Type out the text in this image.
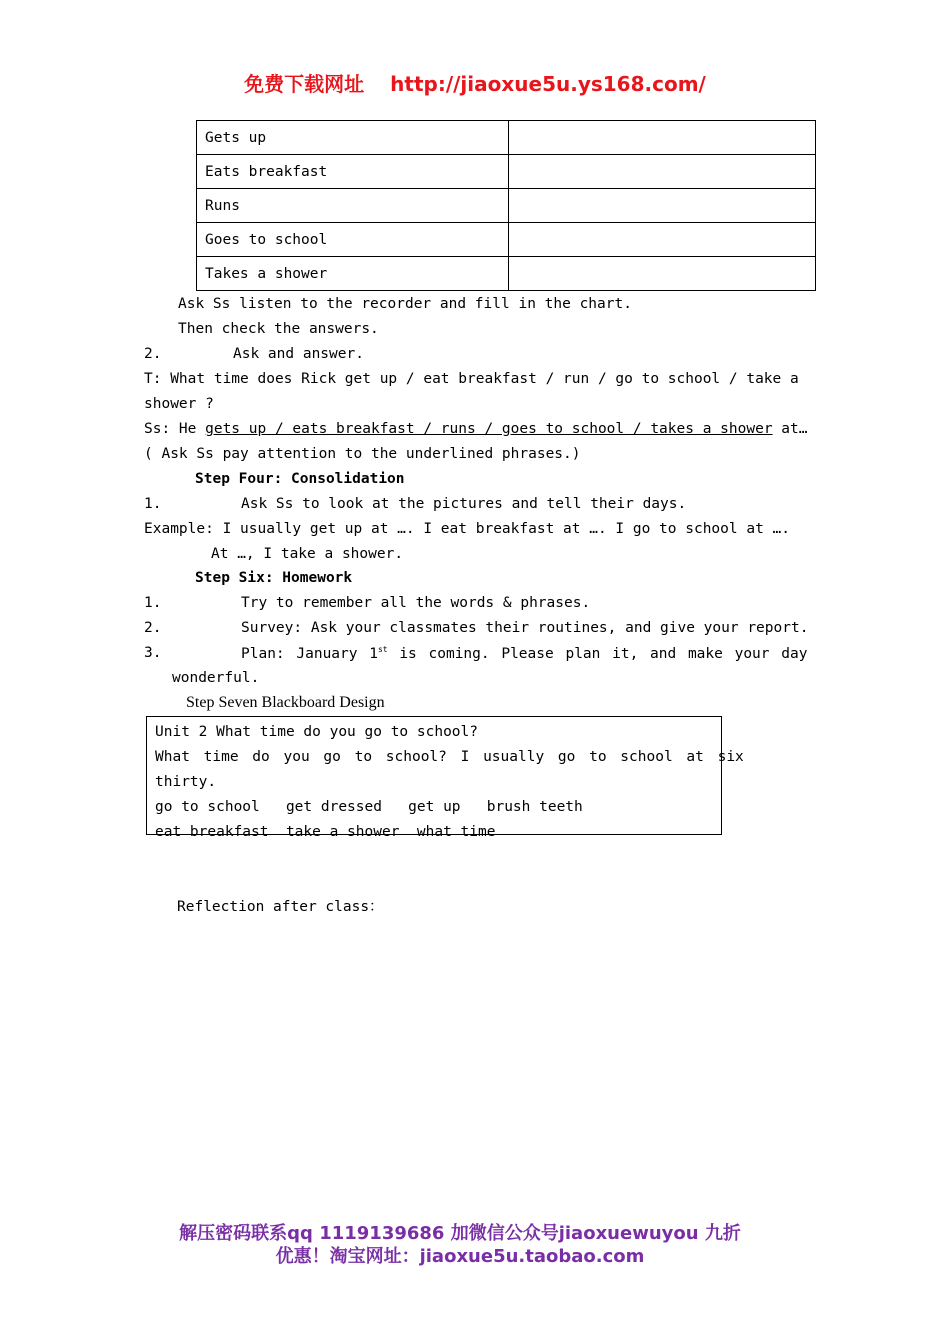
免费下载网址 http://jiaoxue5u.ys168.com/
Gets up	
Eats breakfast	
Runs	
Goes to school	
Takes a shower	
Ask Ss listen to the recorder and fill in the chart.
Then check the answers.
2.	Ask and answer.
T: What time does Rick get up / eat breakfast / run / go to school / take a
shower ?
Ss: He gets up / eats breakfast / runs / goes to school / takes a shower at…
( Ask Ss pay attention to the underlined phrases.)
Step Four: Consolidation
1.	Ask Ss to look at the pictures and tell their days.
Example: I usually get up at …. I eat breakfast at …. I go to school at ….
At …, I take a shower.
Step Six: Homework
1.	Try to remember all the words & phrases.
2.	Survey: Ask your classmates their routines, and give your report.
3.	Plan: January 1st is coming. Please plan it, and make your day
wonderful.
Step Seven Blackboard Design
Unit 2 What time do you go to school?
What time do you go to school? I usually go to school at six
thirty.
go to school   get dressed   get up   brush teeth
eat breakfast  take a shower  what time
Reflection after class：
解压密码联系qq 1119139686 加微信公众号jiaoxuewuyou 九折
优惠！淘宝网址：jiaoxue5u.taobao.com
